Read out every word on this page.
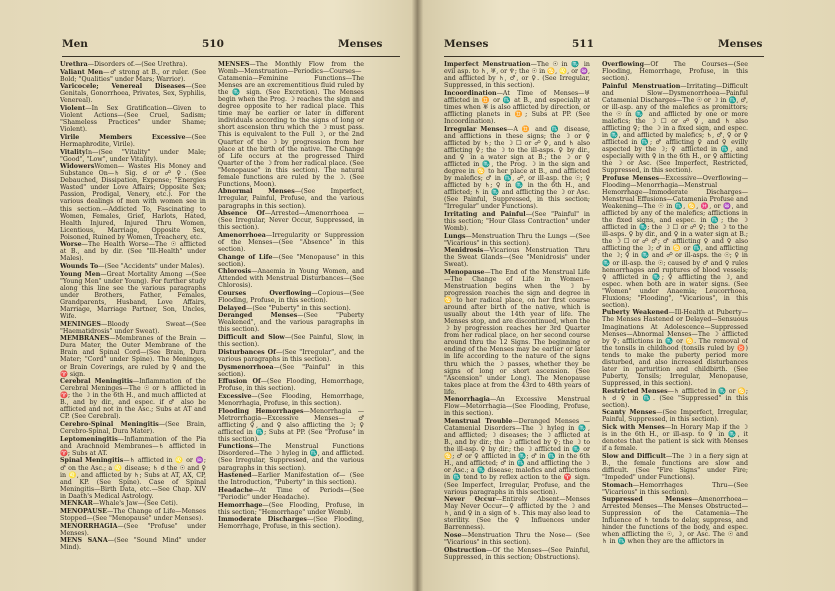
Men	510	Menses

Urethra—Disorders of.—(See Urethra).

Valiant Men—♂ strong at B., or ruler. (See Bold; "Qualities" under Mars; Warrior).

Varicocele; Venereal Diseases—(See Genitals, Gonorrhoea, Privates, Sex, Syphilis, Venereal).

Violent—In Sex Gratification—Given to Violent Actions—(See Cruel, Sadism; "Shameless Practices" under Shame; Violent).

Virile Members Excessive—(See Hermaphrodite, Virile).

VitalityIn—(See "Vitality" under Male; "Good", "Low", under Vitality).

WidowersWomen— Wastes His Money and Substance On—♄ Sig. ☌ or ☍ ♀. (See Debauched, Dissipation, Expense; "Energies Wasted" under Love Affairs; Opposite Sex; Passion, Prodigal, Venery, etc.). For the various dealings of men with women see in this section.—Addicted To, Fascinating to Women, Females, Grief, Harlots, Hated, Health Injured, Injured Thru Women, Licentious, Marriage, Opposite Sex, Poisoned, Ruined by Women, Treachery, etc.

Worse—The Health Worse—The ☉ afflicted at B., and by dir. (See "Ill-Health" under Males).

Wounds To—(See "Accidents" under Males).

Young Men—Great Mortality Among —(See "Young Men" under Young). For further study along this line see the various paragraphs under Brothers, Father, Females, Grandparents, Husband, Love Affairs, Marriage, Marriage Partner, Son, Uncles, Wife.

MENINGES—Bloody Sweat—(See "Haematidrosis" under Sweat).

MEMBRANES—Membranes of the Brain —Dura Mater, the Outer Membrane of the Brain and Spinal Cord—(See Brain, Dura Mater; "Cord" under Spine). The Meninges, or Brain Coverings, are ruled by ♀ and the ♈ sign.

Cerebral Meningitis—Inflammation of the Cerebral Meninges—The ☉ or ♄ afflicted in ♈; the ☽ in the 6th H., and much afflicted at B., and by dir., and espec. if ♂ also be afflicted and not in the Asc.; Subs at AT and CP. (See Cerebral).

Cerebro-Spinal Meningitis—(See Brain, Cerebro-Spinal, Dura Mater).

Leptomeningitis—Inflammation of the Pia and Arachnoid Membranes—♄ afflicted in ♈; Subs at AT.

Spinal Meningitis—♄ afflicted in ♌ or ♒; ♂ on the Asc.; a ♌ disease; ♄ ☌ the ☉ and ♀ in ♌, and afflicted by ♄; Subs at AT, AX, CP, and KP. (See Spine). Case of Spinal Meningitis—Birth Data, etc.—See Chap. XIV in Daath's Medical Astrology.

MENKAR—Whale's Jaw—(See Ceti).

MENOPAUSE—The Change of Life—Menses Stopped—(See "Menopause" under Menses).

MENORRHAGIA—(See "Profuse" under Menses).

MENS SANA—(See "Sound Mind" under Mind).

MENSES—The Monthly Flow from the Womb—Menstruation—Periodics—Courses—Catamenia—Feminine Functions—The Menses are an excrementitious fluid ruled by the ♏ sign. (See Excretion). The Menses begin when the Prog. ☽ reaches the sign and degree opposite to her radical place. This time may be earlier or later in different individuals according to the signs of long or short ascension thru which the ☽ must pass. This is equivalent to the Full ☽, or the 2nd Quarter of the ☽ by progression from her place at the birth of the native. The Change of Life occurs at the progressed Third Quarter of the ☽ from her radical place. (See "Menopause" in this section). The natural female functions are ruled by the ☽. (See Functions, Moon).

Abnormal Menses—(See Imperfect, Irregular, Painful, Profuse, and the various paragraphs in this section).

Absence Of—Arrested—Amenorrhoea —(See Irregular, Never Occur, Suppressed, in this section).

Amenorrhoea—Irregularity or Suppression of the Menses—(See "Absence" in this section).

Change of Life—(See "Menopause" in this section).

Chlorosis—Anaemia in Young Women, and Attended with Menstrual Disturbances—(See Chlorosis).

Courses Overflowing—Copious—(See Flooding, Profuse, in this section).

Delayed—(See "Puberty" in this section).

Deranged Menses—(See "Puberty Weakened", and the various paragraphs in this section).

Difficult and Slow—(See Painful, Slow, in this section).

Disturbances Of—(See "Irregular", and the various paragraphs in this section).

Dysmenorrhoea—(See "Painful" in this section).

Effusion Of—(See Flooding, Hemorrhage, Profuse, in this section).

Excessive—(See Flooding, Hemorrhage, Menorrhagia, Profuse, in this section).

Flooding Hemorrhages—Menorrhagia —Metrorrhagia—Excessive Menses—♂ afflicting ♀, and ♀ also afflicting the ☽; ♀ afflicted in ♏; Subs at PP. (See "Profuse" in this section).

Functions—The Menstrual Functions Disordered—The ☽ hyleg in ♏, and afflicted. (See Irregular, Suppressed, and the various paragraphs in this section).

Hastened—Earlier Manifestation of— (See the Introduction, "Puberty" in this section).

Headache—At Time of Periods—(See "Periodic" under Headache).

Hemorrhage—(See Flooding, Profuse, in this section; "Hemorrhage" under Womb).

Immoderate Discharges—(See Flooding, Hemorrhage, Profuse, in this section).

Menses	511	Menses

Imperfect Menstruation—The ☉ in ♏ in evil asp. to ♄, ♅, or ♆; the ☉ in ♋, ♌, or ♒, and afflicted by ♄, ♂, or ♀. (See Irregular, Suppressed, in this section).

Incoordination—At Time of Menses—♅ afflicted in ♊ or ♏ at B., and especially at times when ♅ is also afflicted by direction, or afflicting planets in ♊; Subs at PP. (See Incoordination).

Irregular Menses—A ♊ and ♏ disease, and afflictions in these signs; the ☽ or ♀ afflicted by ♄; the ☽ ☐ or ☍ ♀, and ♄ also afflicting ♀; the ☽ to the ill-asps. ♀ by dir., and ♀ in a water sign at B.; the ☽ or ♀ afflicted in ♏, the Prog. ☽ in the sign and degree in ♋ to her place at B., and afflicted by malefics; ♂ in ♏, ☍, or ill-asp. the ☉; ♀ afflicted by ♄; ♀ in ♏ in the 6th H., and afflicted; ♄ in ♏ and afflicting the ☽ or Asc. (See Painful, Suppressed, in this section; "Irregular" under Functions).

Irritating and Painful—(See "Painful" in this section; "Hour Glass Contraction" under Womb).

Lungs—Menstruation Thru the Lungs —(See "Vicarious" in this section).

Menidrosis—Vicarious Menstruation Thru the Sweat Glands—(See "Menidrosis" under Sweat).

Menopause—The End of the Menstrual Life—The Change of Life in Women—Menstruation begins when the ☽ by progression reaches the sign and degree in ♋ to her radical place, on her first course around after birth of the native, which is usually about the 14th year of life. The Menses stop, and are discontinued, when the ☽ by progression reaches her 3rd Quarter from her radical place, on her second course around thru the 12 Signs. The beginning or ending of the Menses may be earlier or later in life according to the nature of the signs thru which the ☽ passes, whether they be signs of long or short ascension. (See "Ascension" under Long). The Menopause takes place at from the 43rd to 48th years of life.

Menorrhagia—An Excessive Menstrual Flow—Metorrhagia—(See Flooding, Profuse, in this section).

Menstrual Trouble—Deranged Menses —Catamenial Disorders—The ☽ hyleg in ♏, and afflicted; ☽ diseases; the ☽ afflicted at B., and by dir.; the ☽ afflicted by ♀; the ☽ to the ill-asp. ♀ by dir.; the ☽ afflicted in ♏ or ♋; ♂ or ♀ afflicted in ♏; ♂ in ♏ in the 6th H., and afflicted; ♂ in ♏ and afflicting the ☽ or Asc.; a ♏ disease; malefics and afflictions in ♏ tend to by reflex action to the ♈ sign. (See Imperfect, Irregular, Profuse, and the various paragraphs in this section).

Never Occur—Entirely Absent—Menses May Never Occur—♀ afflicted by the ☽ and ♄, and ♀ in a sign of ♄. This may also lead to sterility. (See the ♀ Influences under Barrenness).

Nose—Menstruation Thru the Nose— (See "Vicarious" in this section).

Obstruction—Of the Menses—(See Painful, Suppressed, in this section; Obstructions).

Overflowing—Of The Courses—(See Flooding, Hemorrhage, Profuse, in this section).

Painful Menstruation—Irritating—Difficult and Slow—Dysmenorrhoea—Painful Catamenial Discharges—The ☉ or ☽ in ♏, ♂, or ill-asp. any of the malefics as promittors; the ☉ in ♏ and afflicted by one or more malefics; the ☽ ☐ or ☍ ♀, and ♄ also afflicting ♀; the ☽ in a fixed sign, and espec. in ♏, and afflicted by malefics; ♄, ♂, ♀ or ♀ afflicted in ♏; ♂ afflicting ♀ and ♀ evilly aspected by the ☽; ♀ afflicted in ♏, and especially with ♀ in the 6th H., or ♀ afflicting the ☽ or Asc. (See Imperfect, Restricted, Suppressed, in this section).

Profuse Menses—Excessive—Overflowing—Flooding—Menorrhagia—Menstrual Hemorrhage—Immoderate Discharges—Menstrual Effusions—Catamenia Profuse and Weakening—The ☉ in ♏, ♋, ♓, or ♒, and afflicted by any of the malefics; afflictions in the fixed signs, and espec. in ♏; the ☽ afflicted in ♏; the ☽ ☐ or ☍ ♀; the ☽ to the ill-asps. ♀ by dir., and ♀ in a water sign at B.; the ☽ ☐ or ☍ ♂; ♂ afflicting ♀ and ♀ also afflicting the ☽; ♂ in ♋ or ♏, and afflicting the ☽; ♀ in ♏ and ☍ or ill-asps. the ☉; ♀ in ♏ or ill-asp. the ☉; caused by ♂ and ♀ rules hemorrhages and ruptures of blood vessels; ♀ afflicted in ♏; ♀ afflicting the ☽, and espec. when both are in water signs. (See "Women" under Anaemia; Leucorrhoea, Fluxions; "Flooding", "Vicarious", in this section).

Puberty Weakened—Ill-Health at Puberty—The Menses Hastened or Delayed—Sensuous Imaginations At Adolescence—Suppressed Menses—Abnormal Menses—The ☽ afflicted by ♀; afflictions in ♏ or ♋. The removal of the tonsils in childhood (tonsils ruled by ♉) tends to make the puberty period more disturbed, and also increased disturbances later in parturition and childbirth. (See Puberty, Tonsils; Irregular, Menopause, Suppressed, in this section).

Restricted Menses—♄ afflicted in ♏ or ♋; ♄ ☌ ♀ in ♏. (See "Suppressed" in this section).

Scanty Menses—(See Imperfect, Irregular, Painful, Suppressed, in this section).

Sick with Menses—In Horary Map if the ☽ is in the 6th H., or ill-asp. to ♀ in ♏, it denotes that the patient is sick with Menses if a female.

Slow and Difficult—The ☽ in a fiery sign at B., the female functions are slow and difficult. (See "Fire Signs" under Fire; "Impeded" under Functions).

Stomach—Hemorrhages Thru—(See "Vicarious" in this section).

Suppressed Menses—Amenorrhoea—Arrested Menses—The Menses Obstructed—Suppression of the Catamenia—The Influence of ♄ tends to delay, suppress, and hinder the functions of the body, and espec. when afflicting the ☉, ☽, or Asc. The ☉ and ♄ in ♏ when they are the afflictors in
